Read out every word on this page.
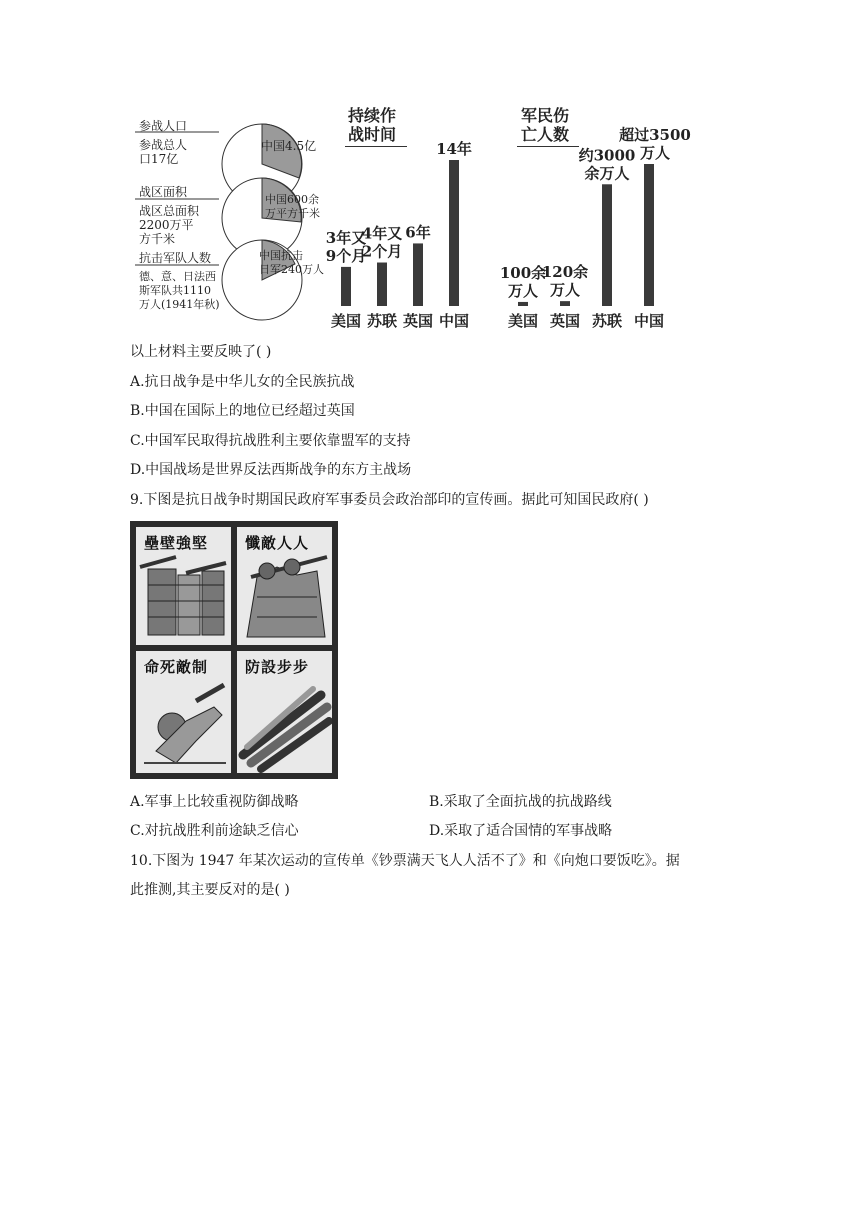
参战人口
参战总人
口17亿
中国4.5亿
战区面积
战区总面积
2200万平
方千米
中国600余
万平方千米
抗击军队人数
德、意、日法西
斯军队共1110
万人(1941年秋)
中国抗击
日军240万人
持续作
战时间
美国
3年又
9个月
苏联
4年又
2个月
英国
6年
中国
14年
军民伤
亡人数
美国
100余
万人
英国
120余
万人
苏联
约3000
余万人
中国
超过3500
万人
以上材料主要反映了( )
A.抗日战争是中华儿女的全民族抗战
B.中国在国际上的地位已经超过英国
C.中国军民取得抗战胜利主要依靠盟军的支持
D.中国战场是世界反法西斯战争的东方主战场
9.下图是抗日战争时期国民政府军事委员会政治部印的宣传画。据此可知国民政府( )
壘壁強堅 懺敵人人
命死敵制 防設步步
A.军事上比较重视防御战略	B.采取了全面抗战的抗战路线
C.对抗战胜利前途缺乏信心	D.采取了适合国情的军事战略
10.下图为 1947 年某次运动的宣传单《钞票满天飞人人活不了》和《向炮口要饭吃》。据
此推测,其主要反对的是( )
